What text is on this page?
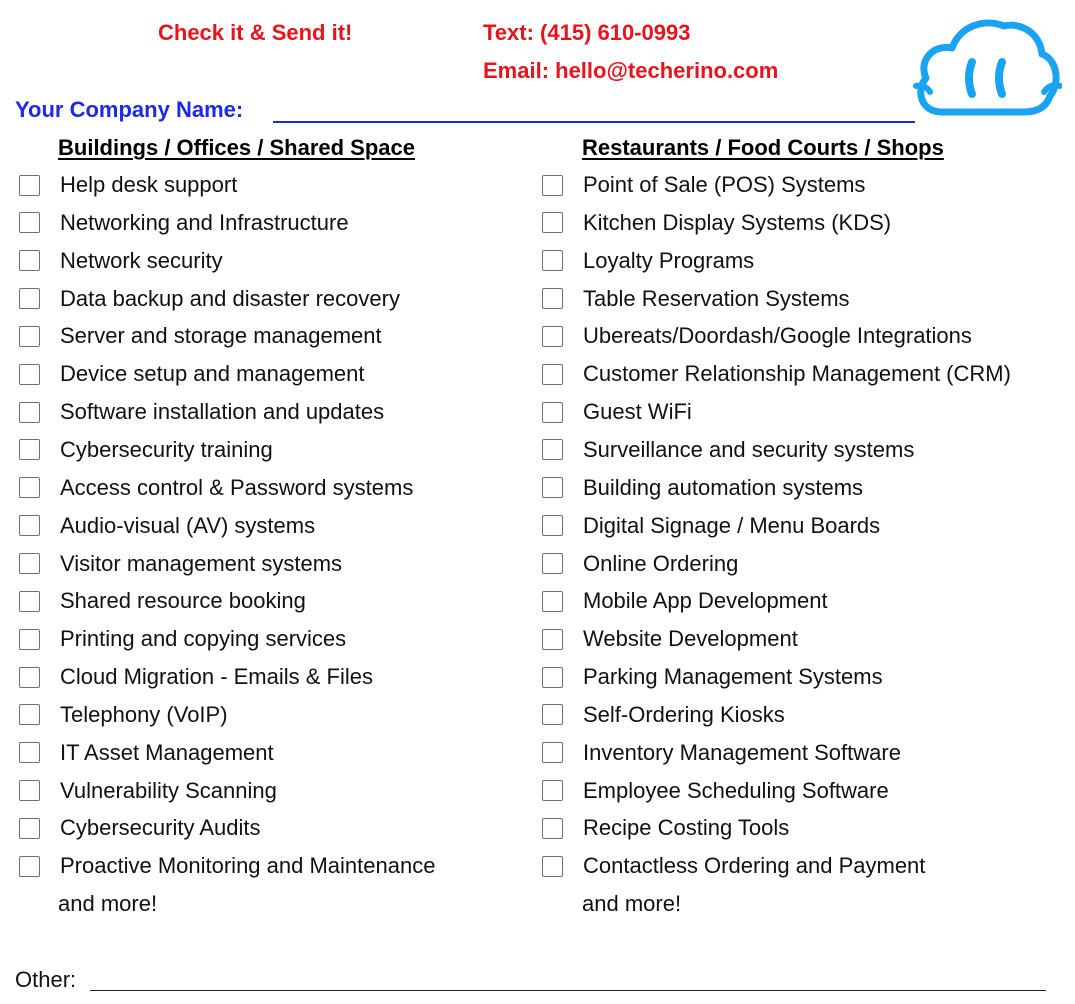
Check it & Send it!	Text: (415) 610-0993
Email: hello@techerino.com
Your Company Name:
Buildings / Offices / Shared Space	Restaurants / Food Courts / Shops
Help desk support
Networking and Infrastructure
Network security
Data backup and disaster recovery
Server and storage management
Device setup and management
Software installation and updates
Cybersecurity training
Access control & Password systems
Audio-visual (AV) systems
Visitor management systems
Shared resource booking
Printing and copying services
Cloud Migration - Emails & Files
Telephony (VoIP)
IT Asset Management
Vulnerability Scanning
Cybersecurity Audits
Proactive Monitoring and Maintenance
and more!
Point of Sale (POS) Systems
Kitchen Display Systems (KDS)
Loyalty Programs
Table Reservation Systems
Ubereats/Doordash/Google Integrations
Customer Relationship Management (CRM)
Guest WiFi
Surveillance and security systems
Building automation systems
Digital Signage / Menu Boards
Online Ordering
Mobile App Development
Website Development
Parking Management Systems
Self-Ordering Kiosks
Inventory Management Software
Employee Scheduling Software
Recipe Costing Tools
Contactless Ordering and Payment
and more!
Other:
